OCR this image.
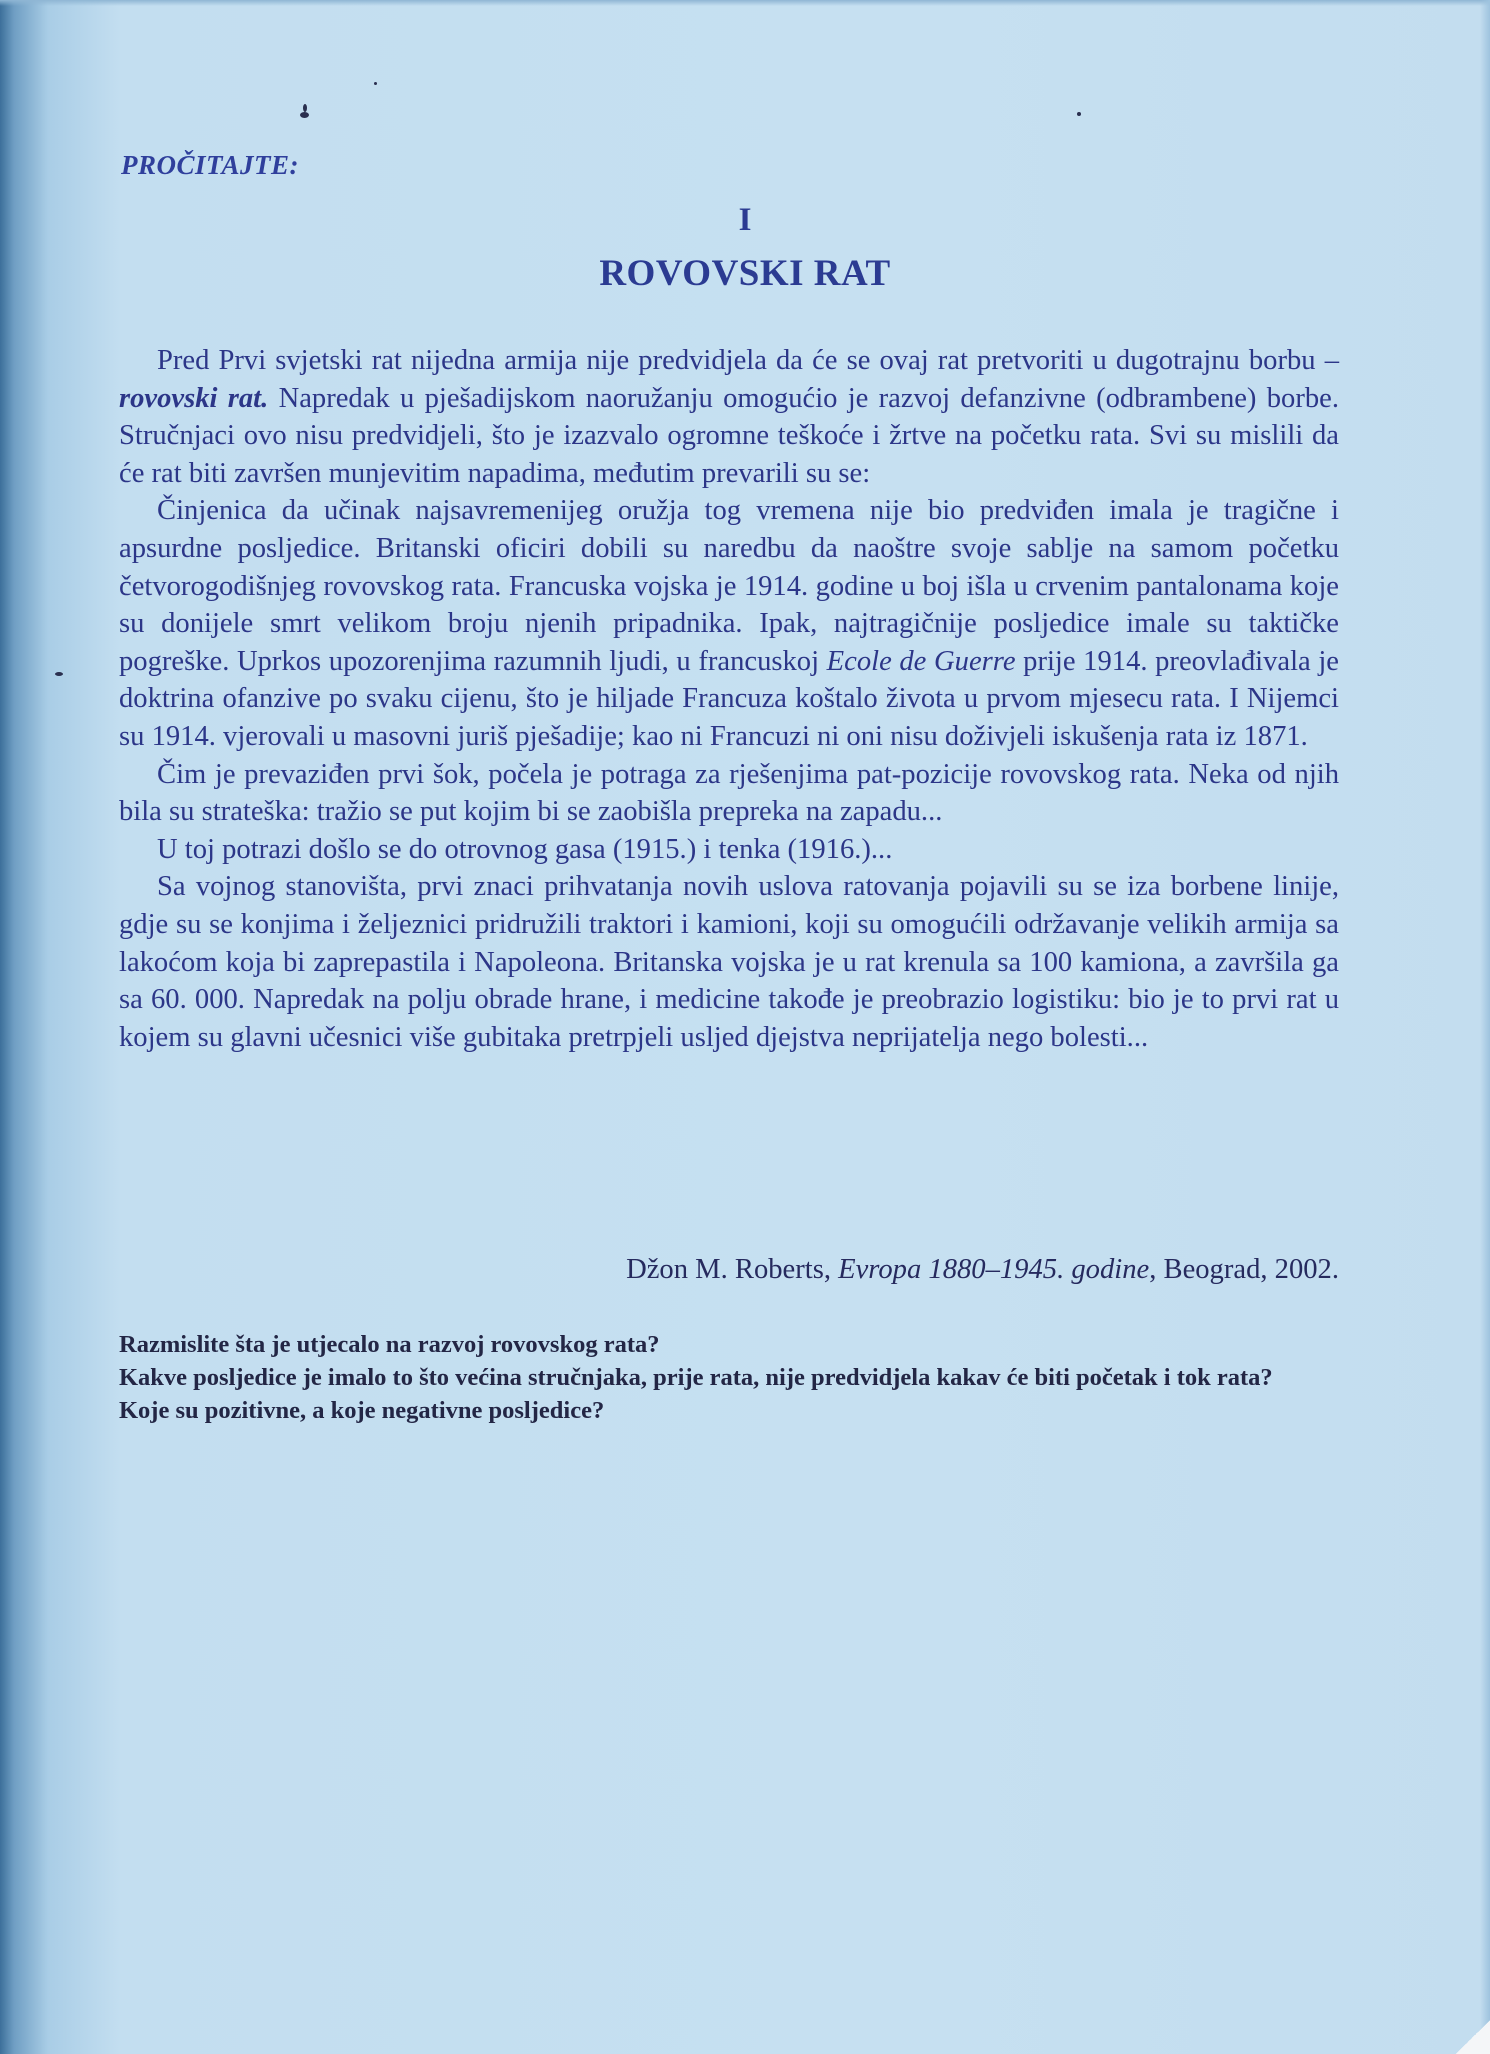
PROČITAJTE:
I
ROVOVSKI RAT

Pred Prvi svjetski rat nijedna armija nije predvidjela da će se ovaj rat pretvoriti u dugotrajnu borbu – rovovski rat. Napredak u pješadijskom naoružanju omogućio je razvoj defanzivne (odbrambene) borbe. Stručnjaci ovo nisu predvidjeli, što je izazvalo ogromne teškoće i žrtve na početku rata. Svi su mislili da će rat biti završen munjevitim napadima, međutim prevarili su se:

Činjenica da učinak najsavremenijeg oružja tog vremena nije bio predviđen imala je tragične i apsurdne posljedice. Britanski oficiri dobili su naredbu da naoštre svoje sablje na samom početku četvorogodišnjeg rovovskog rata. Francuska vojska je 1914. godine u boj išla u crvenim pantalonama koje su donijele smrt velikom broju njenih pripadnika. Ipak, najtragičnije posljedice imale su taktičke pogreške. Uprkos upozorenjima razumnih ljudi, u francuskoj Ecole de Guerre prije 1914. preovlađivala je doktrina ofanzive po svaku cijenu, što je hiljade Francuza koštalo života u prvom mjesecu rata. I Nijemci su 1914. vjerovali u masovni juriš pješadije; kao ni Francuzi ni oni nisu doživjeli iskušenja rata iz 1871.

Čim je prevaziđen prvi šok, počela je potraga za rješenjima pat-pozicije rovovskog rata. Neka od njih bila su strateška: tražio se put kojim bi se zaobišla prepreka na zapadu...

U toj potrazi došlo se do otrovnog gasa (1915.) i tenka (1916.)...

Sa vojnog stanovišta, prvi znaci prihvatanja novih uslova ratovanja pojavili su se iza borbene linije, gdje su se konjima i željeznici pridružili traktori i kamioni, koji su omogućili održavanje velikih armija sa lakoćom koja bi zaprepastila i Napoleona. Britanska vojska je u rat krenula sa 100 kamiona, a završila ga sa 60. 000. Napredak na polju obrade hrane, i medicine takođe je preobrazio logistiku: bio je to prvi rat u kojem su glavni učesnici više gubitaka pretrpjeli usljed djejstva neprijatelja nego bolesti...

Džon M. Roberts, Evropa 1880–1945. godine, Beograd, 2002.

Razmislite šta je utjecalo na razvoj rovovskog rata?

Kakve posljedice je imalo to što većina stručnjaka, prije rata, nije predvidjela kakav će biti početak i tok rata?

Koje su pozitivne, a koje negativne posljedice?
